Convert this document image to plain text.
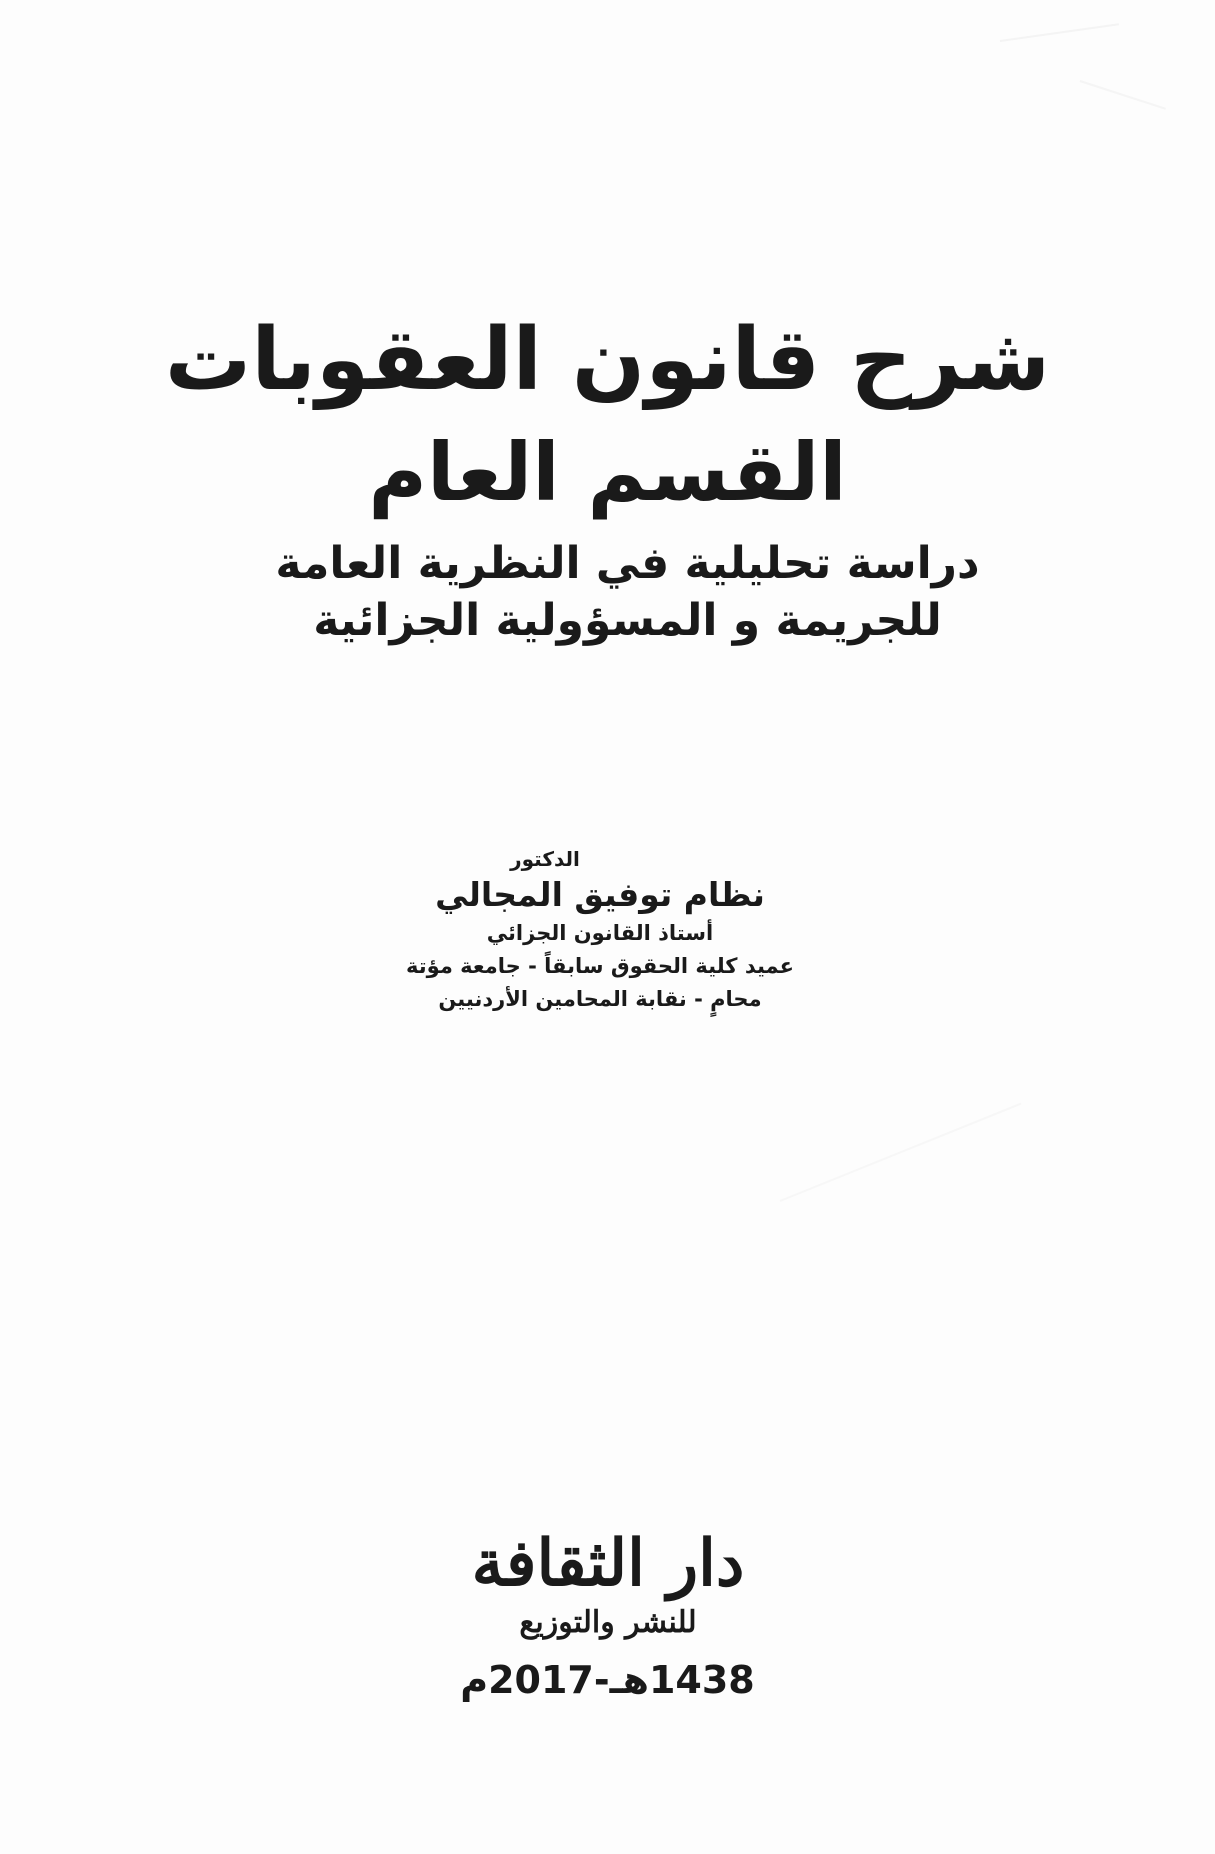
شرح قانون العقوبات
القسم العام
دراسة تحليلية في النظرية العامة
للجريمة و المسؤولية الجزائية
الدكتور
نظام توفيق المجالي
أستاذ القانون الجزائي
عميد كلية الحقوق سابقاً - جامعة مؤتة
محامٍ - نقابة المحامين الأردنيين
دار الثقافة
للنشر والتوزيع
1438هـ-2017م
